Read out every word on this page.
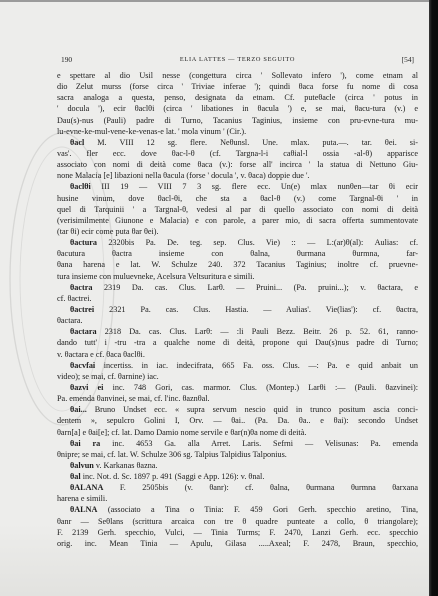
190	ELIA LATTES — TERZO SEGUITO	[54]
e spettare al dio Usil nesse (congettura circa ' Sollevato infero '), come etnam al
dio Zelut murss (forse circa ' Triviae inferae '); quindi θaca forse fu nome di cosa
sacra analoga a questa, penso, designata da etnam. Cf. puteθacle (circa ' potus in
' docula '), ecir θaclθi (circa ' libationes in θacula ') e, se mai, θacu-tura (v.) e
Dau(s)-nus (Pauli) padre di Turno, Tacanius Taginius, insieme con pru-evne-tura mu-
lu-evne-ke-mul-vene-ke-venas-e lat. ' mola vinum ' (Cir.).
θacl M. VIII 12 sg. flere. Neθunsl. Une. mlax. puta.—. tar. θei. si-
vas'. fler ecc. dove θac-l-θ (cf. Targna-l-i caθial-l ossia -al-θ) apparisce
associato con nomi di deità come θaca (v.): forse all' incirca ' la statua di Nettuno Giu-
none Malacia [e] libazioni nella θacula (forse ' docula ', v. θaca) doppie due '.
θaclθi III 19 — VIII 7 3 sg. flere ecc. Un(e) mlax nunθen—tar θi ecir
husine vinum, dove θacl-θi, che sta a θacl-θ (v.) come Targnal-θi ' in
quel di Tarquinii ' a Targnal-θ, vedesi al par di quello associato con nomi di deità
(verisimilmente Giunone e Malacia) e con parole, a parer mio, di sacra offerta summentovate
(tar θi) ecir come puta θar θei).
θactura 2320bis Pa. De. teg. sep. Clus. Vie) :: — L:(ar)θ(al): Aulias: cf.
θacutura θactra insieme con θalna, θurmana θurmna, far-
θana harena e lat. W. Schulze 240. 372 Tacanius Taginius; inoltre cf. pruevne-
tura insieme con muluevneke, Acelsura Veltsuritura e simili.
θactra 2319 Da. cas. Clus. Larθ. — Pruini... (Pa. pruini...); v. θactara, e
cf. θactrei.
θactrei 2321 Pa. cas. Clus. Hastia. — Aulias'. Vie(lias'): cf. θactra,
θactara.
θactara 2318 Da. cas. Clus. Larθ: — :li Pauli Bezz. Beitr. 26 p. 52. 61, ranno-
dando tutt' i -tru -tra a qualche nome di deità, propone qui Dau(s)nus padre di Turno;
v. θactara e cf. θaca θaclθi.
θacvfai incertiss. in iac. indecifrata, 665 Fa. oss. Clus. —: Pa. e quid anbait un
video); se mai, cf. θarnine) iac.
θazvi ei inc. 748 Gori, cas. marmor. Clus. (Montep.) Larθi :— (Pauli. θazvinei):
Pa. emenda θanvinei, se mai, cf. l'inc. θaznθal.
θai... Bruno Undset ecc. « supra servum nescio quid in trunco positum ascia conci-
dentem », sepulcro Golini I, Orv. — θai.. (Pa. Da. θa.. e θai): secondo Undset
θarn[a] e θai[e]; cf. lat. Damo Damio nome servile e θar(n)θa nome di deità.
θai ra inc. 4653 Ga. alla Arret. Laris. Sefrni — Velisunas: Pa. emenda
θnipre; se mai, cf. lat. W. Schulze 306 sg. Talpius Talpidius Talponius.
θalvun v. Karkanas θazna.
θal inc. Not. d. Sc. 1897 p. 491 (Saggi e App. 126): v. θnal.
θALANA F. 2505bis (v. θanr): cf. θalna, θurmana θurmna θarxana
harena e simili.
θALNA (associato a Tina o Tinia: F. 459 Gori Gerh. specchio aretino, Tina,
θanr — Seθlans (scrittura arcaica con tre θ quadre punteate a collo, θ triangolare);
F. 2139 Gerh. specchio, Vulci, — Tinia Turms; F. 2470, Lanzi Gerh. ecc. specchio
orig. inc. Mean Tinia — Apulu, Gilasa .....Axeal; F. 2478, Braun, specchio,
